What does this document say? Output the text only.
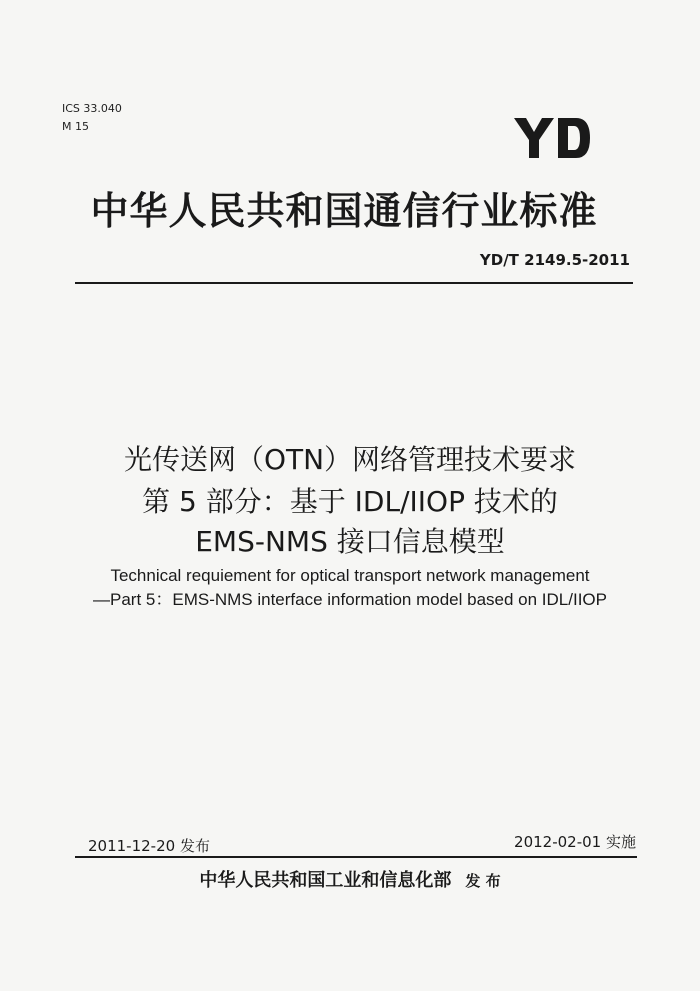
ICS 33.040
M 15
中华人民共和国通信行业标准
YD/T 2149.5-2011
光传送网（OTN）网络管理技术要求
第 5 部分：基于 IDL/IIOP 技术的
EMS-NMS 接口信息模型
Technical requiement for optical transport network management
—Part 5：EMS-NMS interface information model based on IDL/IIOP
2011-12-20 发布	2012-02-01 实施
中华人民共和国工业和信息化部 发 布
